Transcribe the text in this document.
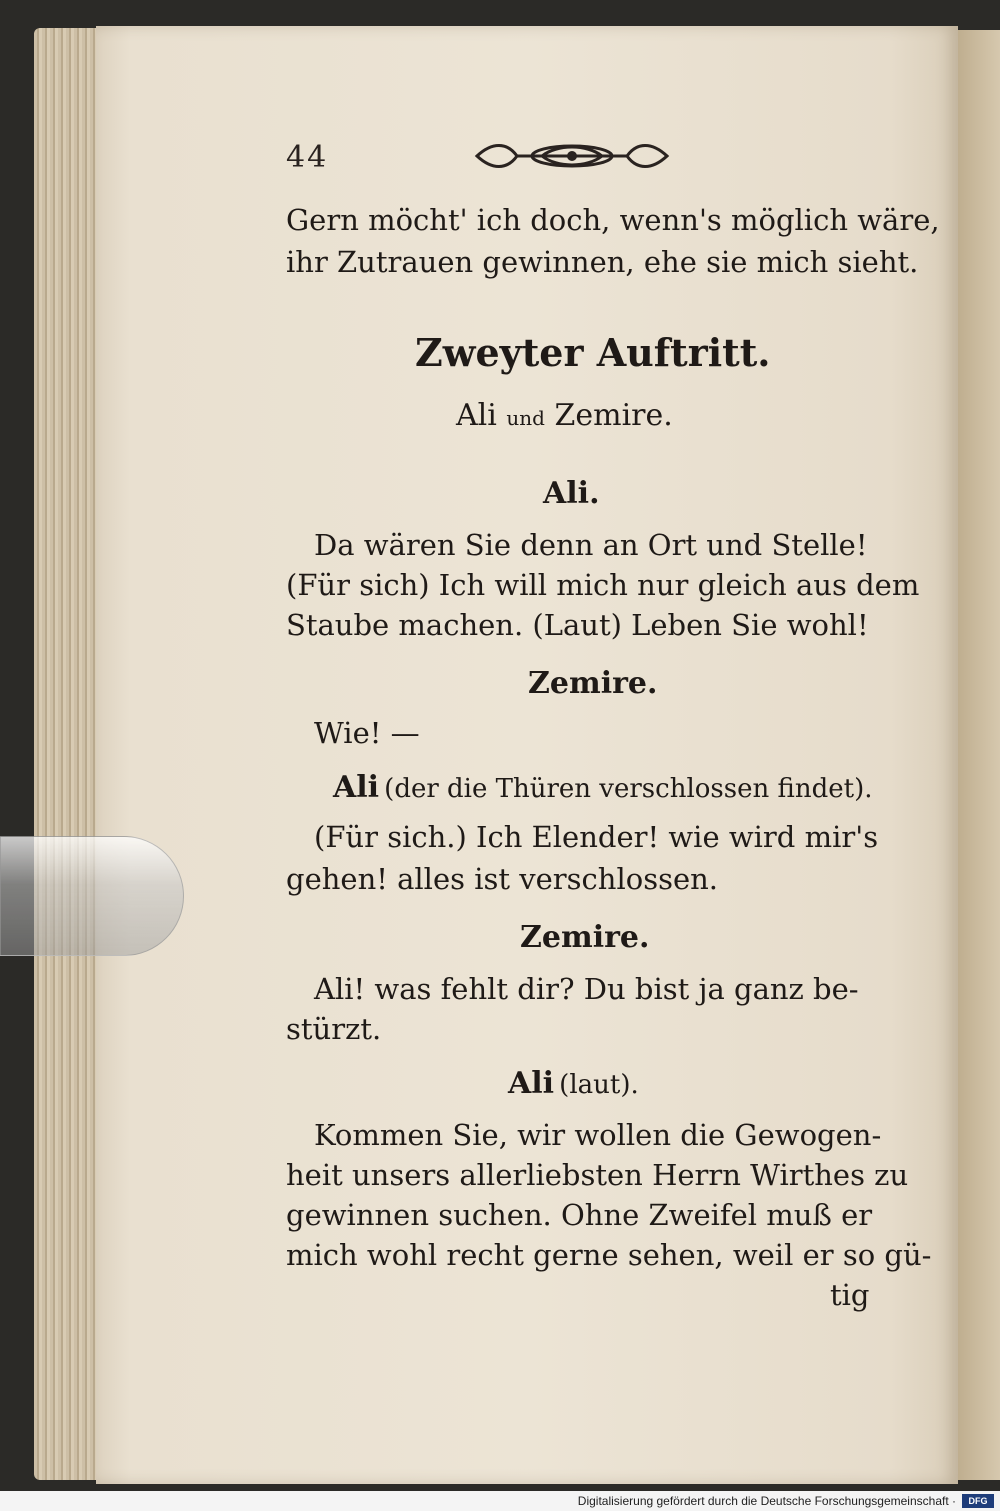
44
Gern möcht' ich doch, wenn's möglich wäre,
ihr Zutrauen gewinnen, ehe sie mich sieht.
Zweyter Auftritt.
Ali und Zemire.
Ali.
Da wären Sie denn an Ort und Stelle!
(Für sich) Ich will mich nur gleich aus dem
Staube machen. (Laut) Leben Sie wohl!
Zemire.
Wie! —
Ali (der die Thüren verschlossen findet).
(Für sich.) Ich Elender! wie wird mir's
gehen! alles ist verschlossen.
Zemire.
Ali! was fehlt dir? Du bist ja ganz be-
stürzt.
Ali (laut).
Kommen Sie, wir wollen die Gewogen-
heit unsers allerliebsten Herrn Wirthes zu
gewinnen suchen. Ohne Zweifel muß er
mich wohl recht gerne sehen, weil er so gü-
tig
Digitalisierung gefördert durch die Deutsche Forschungsgemeinschaft ·	DFG
